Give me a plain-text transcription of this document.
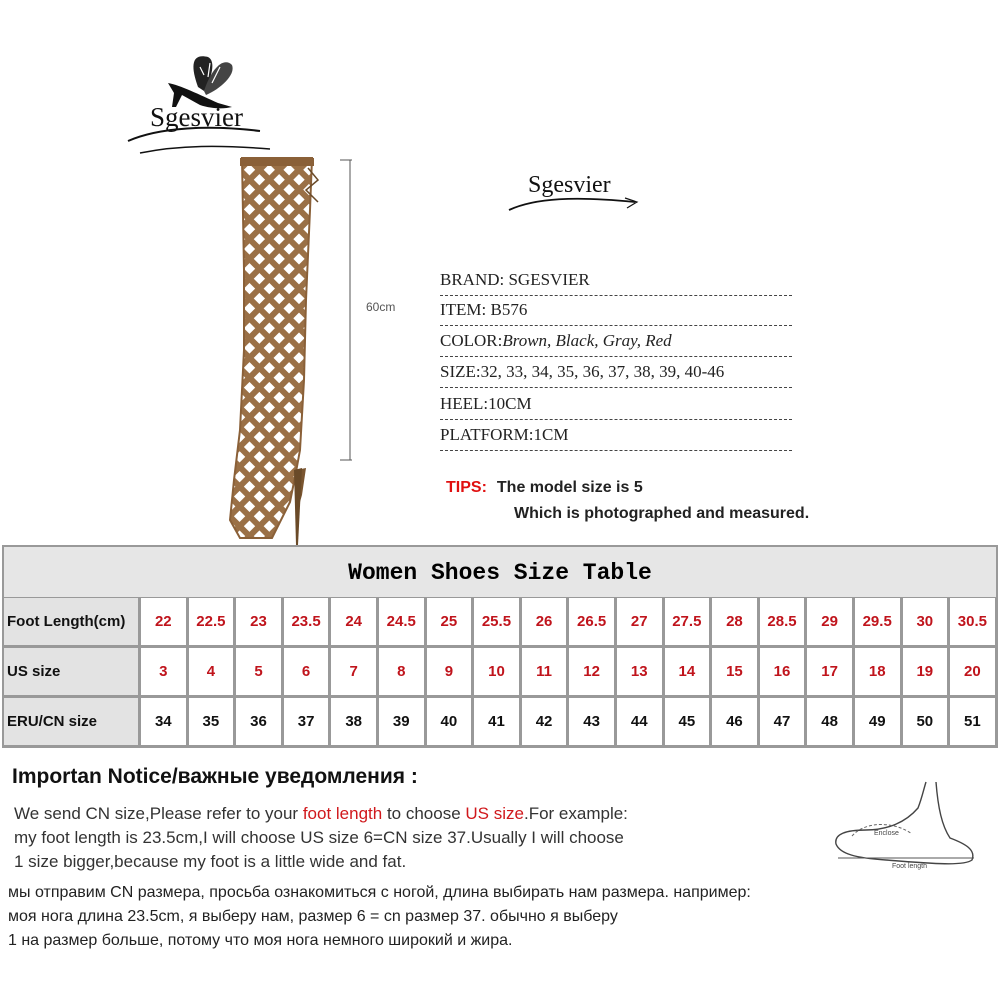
Sgesvier
60cm
Sgesvier
BRAND: SGESVIER
ITEM: B576
COLOR:Brown, Black, Gray, Red
SIZE:32, 33, 34, 35, 36, 37, 38, 39, 40-46
HEEL:10CM
PLATFORM:1CM
TIPS: The model size is 5
Which is photographed and measured.
Women Shoes Size Table
Foot Length(cm)	22	22.5	23	23.5	24	24.5	25	25.5	26	26.5	27	27.5	28	28.5	29	29.5	30	30.5
US size	3	4	5	6	7	8	9	10	11	12	13	14	15	16	17	18	19	20
ERU/CN size	34	35	36	37	38	39	40	41	42	43	44	45	46	47	48	49	50	51
Importan Notice/важные уведомления :
We send CN size,Please refer to your foot length to choose US size.For example:
my foot length is 23.5cm,I will choose US size 6=CN size 37.Usually I will choose
1 size bigger,because my foot is a little wide and fat.
мы отправим CN размера, просьба ознакомиться с ногой, длина выбирать нам размера. например:
моя нога длина 23.5cm, я выберу нам, размер 6 = cn размер 37. обычно я выберу
1 на размер больше, потому что моя нога немного широкий и жира.
Enclose
Foot length
